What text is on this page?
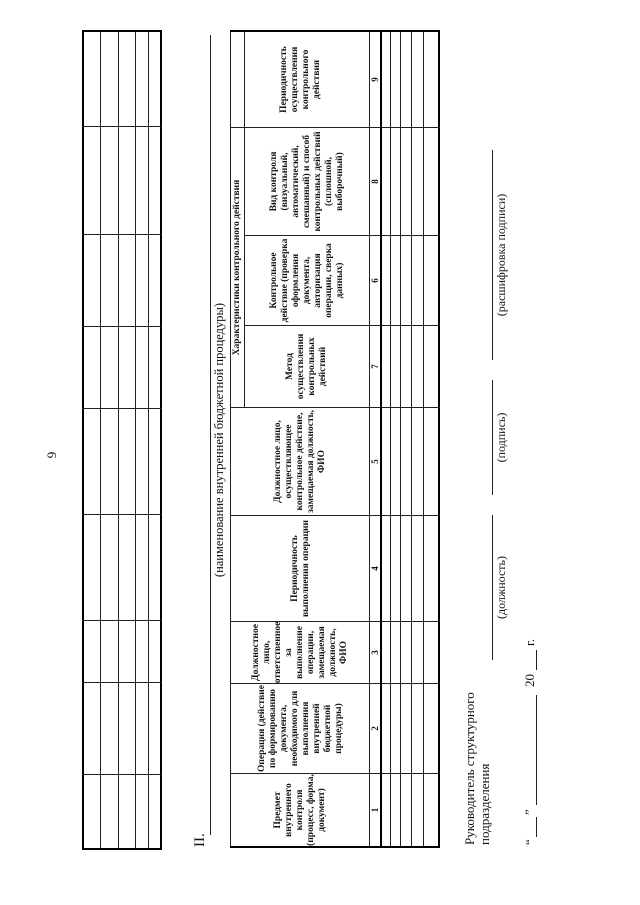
9
II.
(наименование внутренней бюджетной процедуры)
Характеристики контрольного действия
Предмет внутреннего контроля (процесс, форма, документ)
Операция (действие по формированию документа, необходимого для выполнения внутренней бюджетной процедуры)
Должностное лицо, ответственное за выполнение операции, замещаемая должность, ФИО
Периодичность выполнения операции
Должностное лицо, осуществляющее контрольное действие, замещаемая должность, ФИО
Контрольное действие (проверка оформления документа, авторизация операции, сверка данных)
Метод осуществления контрольных действий
Вид контроля (визуальный, автоматический, смешанный) и способ контрольных действий (сплошной, выборочный)
Периодичность осуществления контрольного действия
1
2
3
4
5
6
7
8
9
Руководитель структурного подразделения
(должность)
(подпись)
(расшифровка подписи)
“
”
20
г.
